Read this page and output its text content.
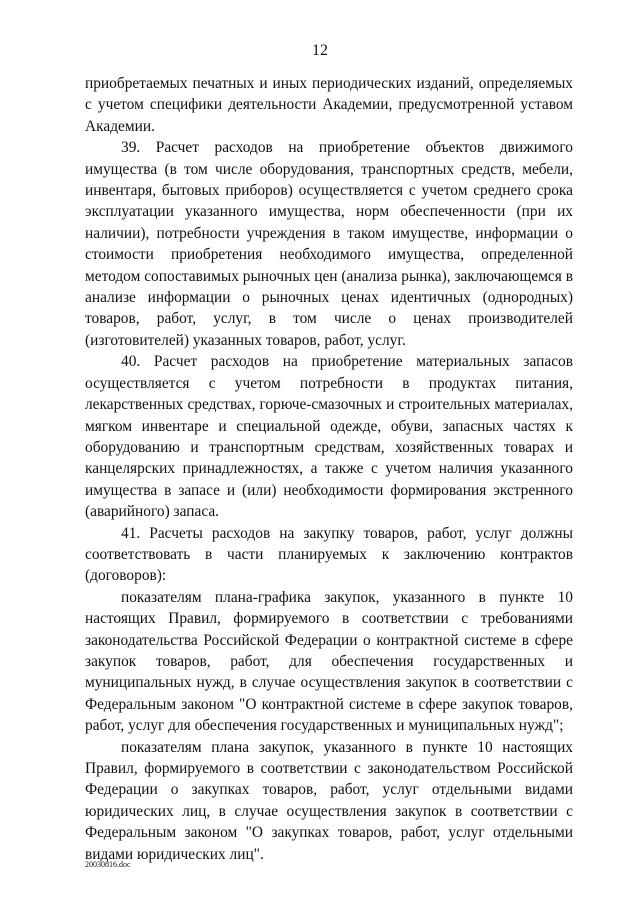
12

приобретаемых печатных и иных периодических изданий, определяемых с учетом специфики деятельности Академии, предусмотренной уставом Академии.

39. Расчет расходов на приобретение объектов движимого имущества (в том числе оборудования, транспортных средств, мебели, инвентаря, бытовых приборов) осуществляется с учетом среднего срока эксплуатации указанного имущества, норм обеспеченности (при их наличии), потребности учреждения в таком имуществе, информации о стоимости приобретения необходимого имущества, определенной методом сопоставимых рыночных цен (анализа рынка), заключающемся в анализе информации о рыночных ценах идентичных (однородных) товаров, работ, услуг, в том числе о ценах производителей (изготовителей) указанных товаров, работ, услуг.

40. Расчет расходов на приобретение материальных запасов осуществляется с учетом потребности в продуктах питания, лекарственных средствах, горюче-смазочных и строительных материалах, мягком инвентаре и специальной одежде, обуви, запасных частях к оборудованию и транспортным средствам, хозяйственных товарах и канцелярских принадлежностях, а также с учетом наличия указанного имущества в запасе и (или) необходимости формирования экстренного (аварийного) запаса.

41. Расчеты расходов на закупку товаров, работ, услуг должны соответствовать в части планируемых к заключению контрактов (договоров):

показателям плана-графика закупок, указанного в пункте 10 настоящих Правил, формируемого в соответствии с требованиями законодательства Российской Федерации о контрактной системе в сфере закупок товаров, работ, для обеспечения государственных и муниципальных нужд, в случае осуществления закупок в соответствии с Федеральным законом "О контрактной системе в сфере закупок товаров, работ, услуг для обеспечения государственных и муниципальных нужд";

показателям плана закупок, указанного в пункте 10 настоящих Правил, формируемого в соответствии с законодательством Российской Федерации о закупках товаров, работ, услуг отдельными видами юридических лиц, в случае осуществления закупок в соответствии с Федеральным законом "О закупках товаров, работ, услуг отдельными видами юридических лиц".

20030816.doc
